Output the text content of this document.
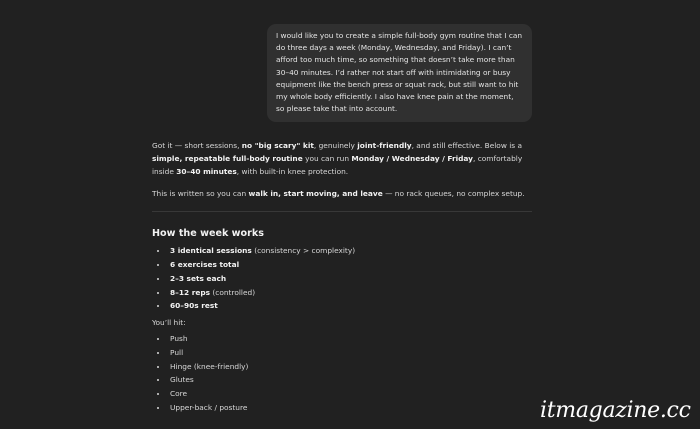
I would like you to create a simple full-body gym routine that I can do three days a week (Monday, Wednesday, and Friday). I can’t afford too much time, so something that doesn’t take more than 30–40 minutes. I’d rather not start off with intimidating or busy equipment like the bench press or squat rack, but still want to hit my whole body efficiently. I also have knee pain at the moment, so please take that into account.

Got it — short sessions, no "big scary" kit, genuinely joint-friendly, and still effective. Below is a simple, repeatable full-body routine you can run Monday / Wednesday / Friday, comfortably inside 30–40 minutes, with built-in knee protection.

This is written so you can walk in, start moving, and leave — no rack queues, no complex setup.

How the week works
• 3 identical sessions (consistency > complexity)
• 6 exercises total
• 2–3 sets each
• 8–12 reps (controlled)
• 60–90s rest
You’ll hit:
• Push
• Pull
• Hinge (knee-friendly)
• Glutes
• Core
• Upper-back / posture	itmagazine.cc
